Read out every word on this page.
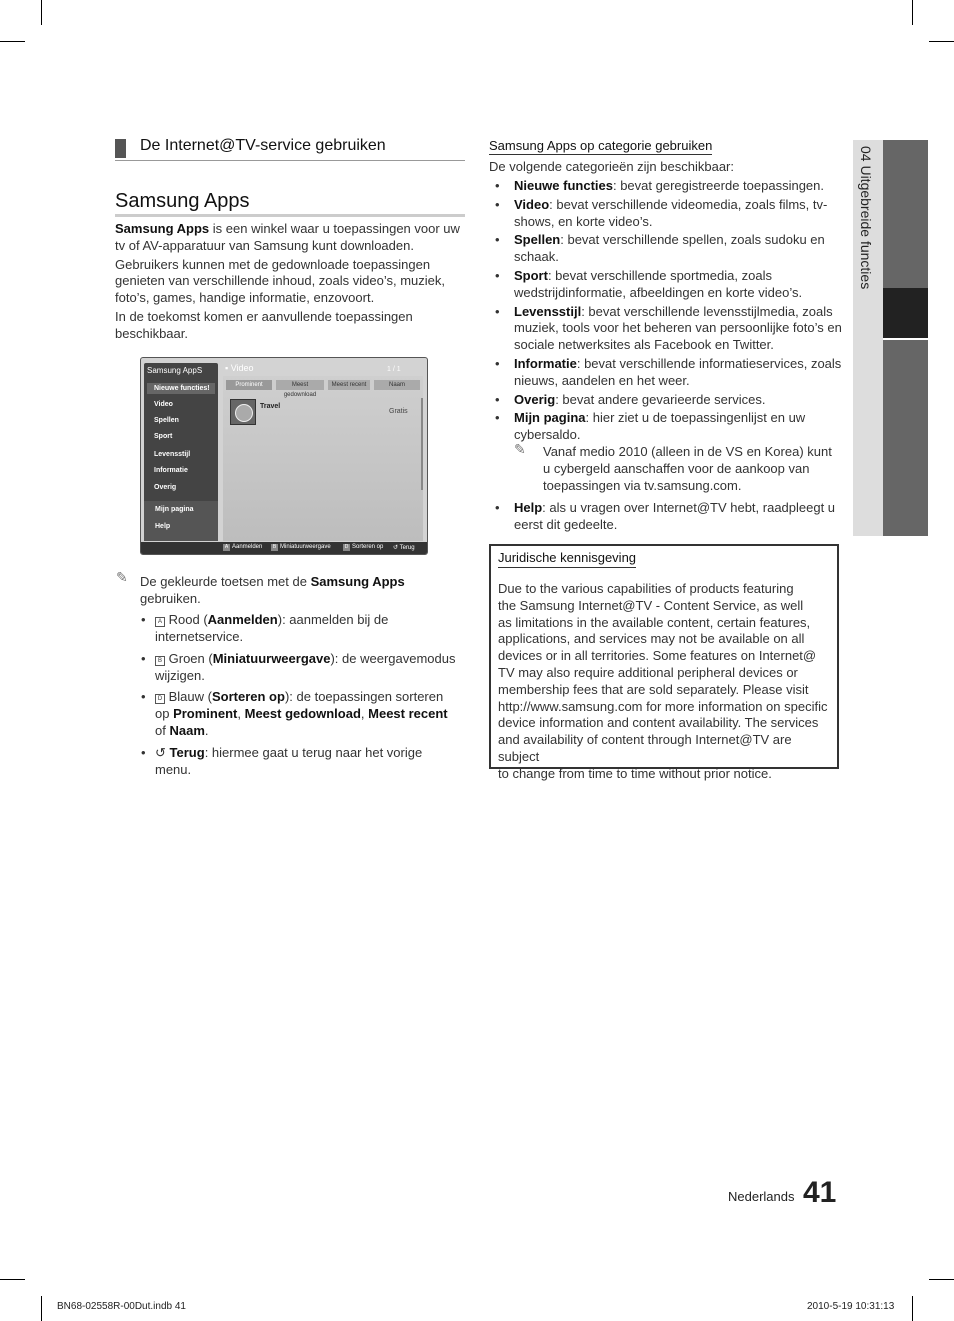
De Internet@TV-service gebruiken
Samsung Apps

Samsung Apps is een winkel waar u toepassingen voor uw

tv of AV-apparatuur van Samsung kunt downloaden.

Gebruikers kunnen met de gedownloade toepassingen

genieten van verschillende inhoud, zoals video’s, muziek,

foto’s, games, handige informatie, enzovoort.

In de toekomst komen er aanvullende toepassingen

beschikbaar.

Samsung AppS
Nieuwe functies!
Video
Spellen
Sport
Levensstijl
Informatie
Overig
Mijn pagina
Help
▪ Video	1 / 1
Prominent	Meest gedownload
Meest recent	Naam
Travel
Gratis
A Aanmelden	B Miniatuurweergave	D Sorteren op ↺ Terug
✎ De gekleurde toetsen met de Samsung Apps

gebruiken.

•	A Rood (Aanmelden): aanmelden bij de

internetservice.

•	B Groen (Miniatuurweergave): de weergavemodus

wijzigen.

•	D Blauw (Sorteren op): de toepassingen sorteren

op Prominent, Meest gedownload, Meest recent

of Naam.

• ↺ Terug: hiermee gaat u terug naar het vorige

menu.

Samsung Apps op categorie gebruiken
De volgende categorieën zijn beschikbaar:
• Nieuwe functies: bevat geregistreerde toepassingen.

• Video: bevat verschillende videomedia, zoals films, tv-

shows, en korte video’s.

• Spellen: bevat verschillende spellen, zoals sudoku en

schaak.

• Sport: bevat verschillende sportmedia, zoals

wedstrijdinformatie, afbeeldingen en korte video’s.

• Levensstijl: bevat verschillende levensstijlmedia, zoals

muziek, tools voor het beheren van persoonlijke foto’s en

sociale netwerksites als Facebook en Twitter.

• Informatie: bevat verschillende informatieservices, zoals

nieuws, aandelen en het weer.

• Overig: bevat andere gevarieerde services.

• Mijn pagina: hier ziet u de toepassingenlijst en uw

cybersaldo.

✎ Vanaf medio 2010 (alleen in de VS en Korea) kunt

u cybergeld aanschaffen voor de aankoop van

toepassingen via tv.samsung.com.

• Help: als u vragen over Internet@TV hebt, raadpleegt u

eerst dit gedeelte.

Juridische kennisgeving

Due to the various capabilities of products featuring

the Samsung Internet@TV - Content Service, as well

as limitations in the available content, certain features,

applications, and services may not be available on all

devices or in all territories. Some features on Internet@

TV may also require additional peripheral devices or

membership fees that are sold separately. Please visit

http://www.samsung.com for more information on specific

device information and content availability. The services

and availability of content through Internet@TV are subject

to change from time to time without prior notice.

04 Uitgebreide functies
Nederlands 41
BN68-02558R-00Dut.indb 41	2010-5-19 10:31:13
